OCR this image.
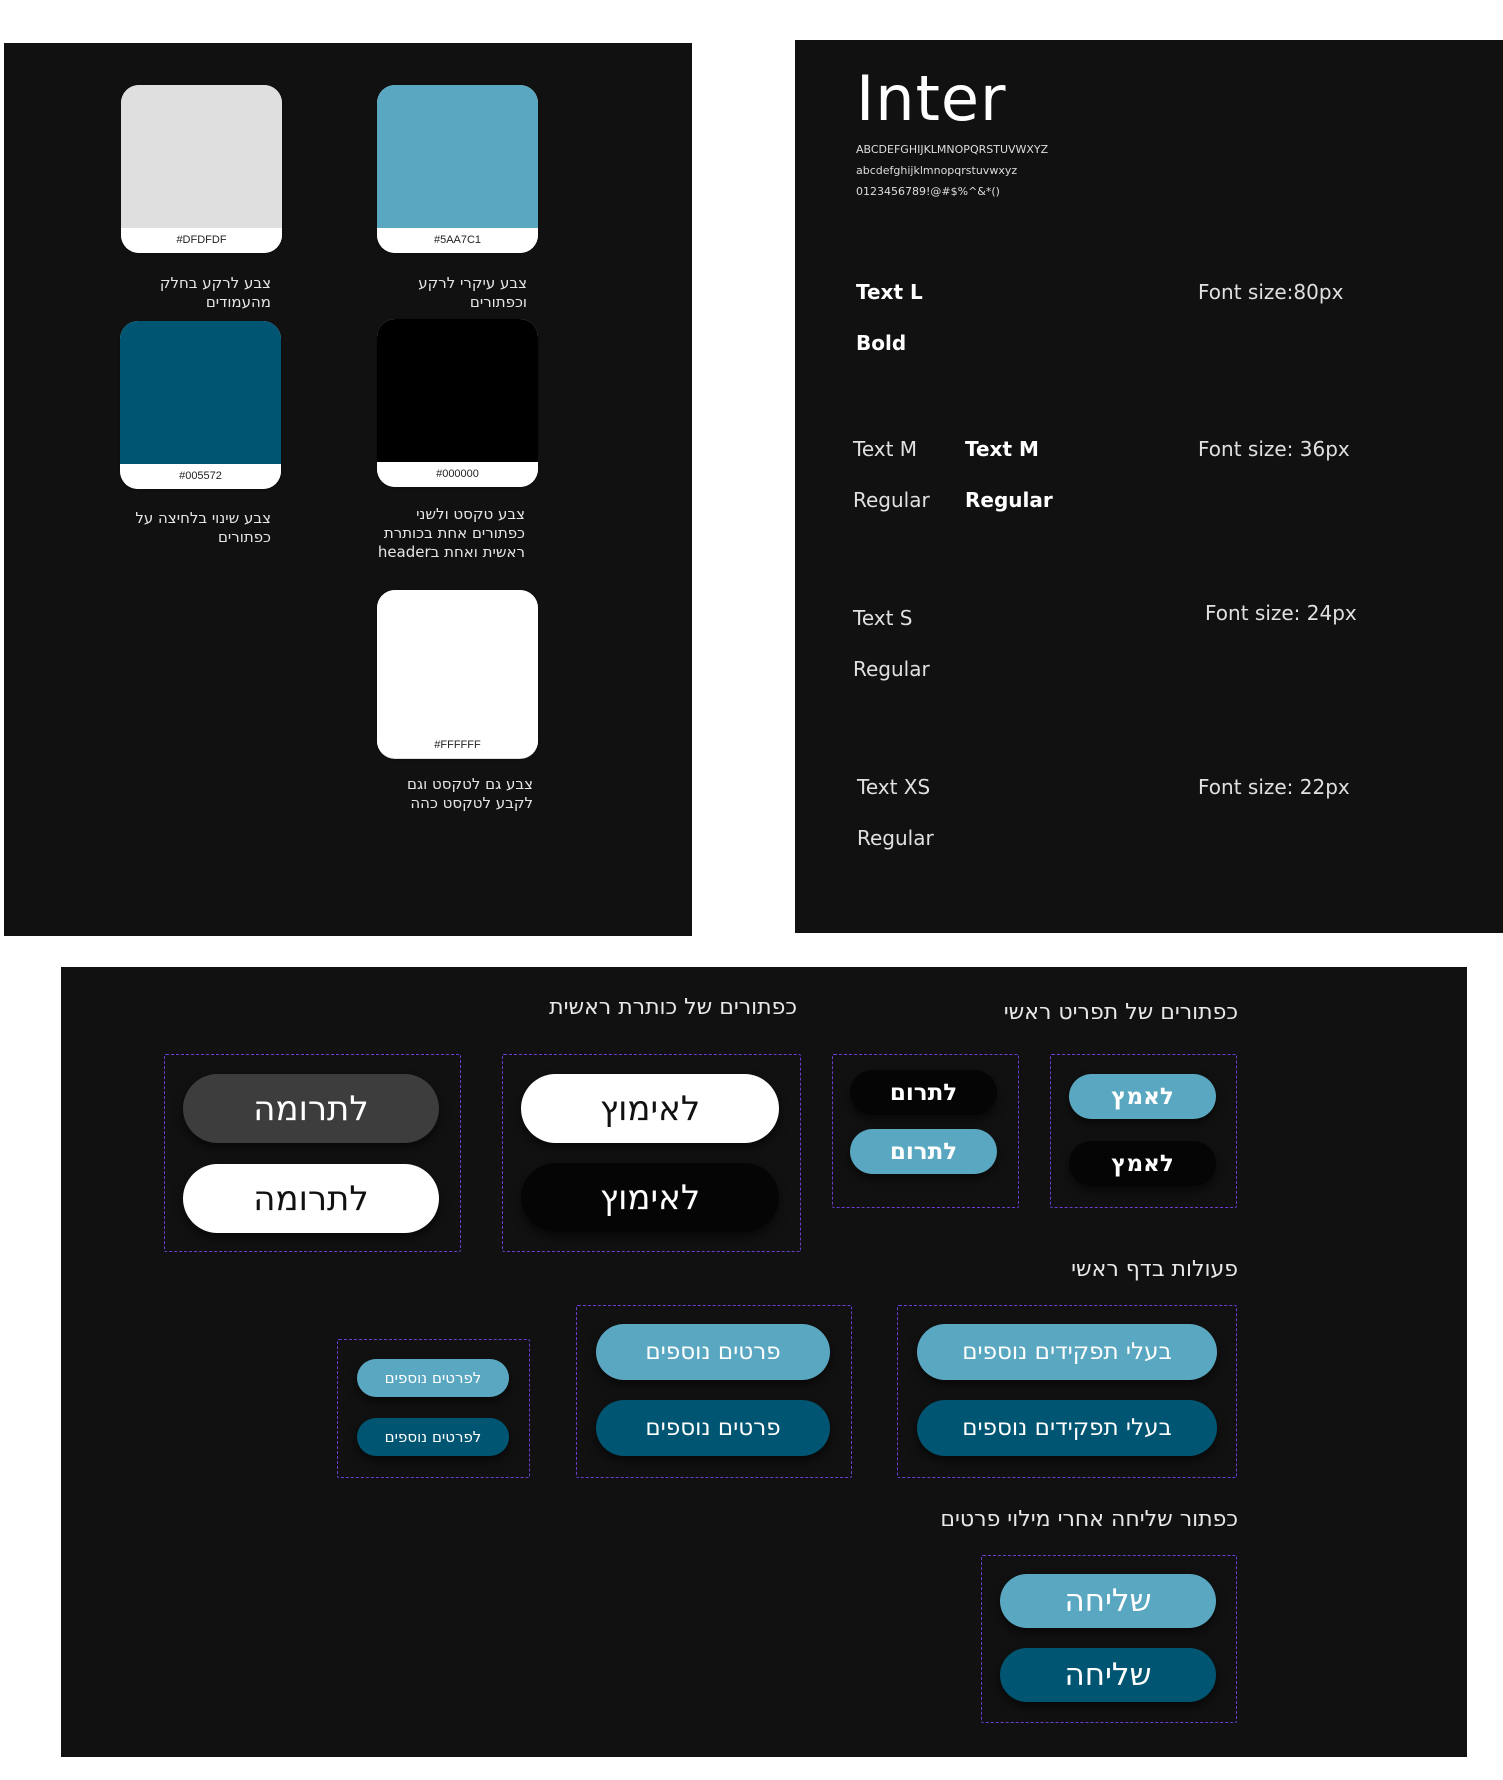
#DFDFDF
צבע לרקע בחלק מהעמודים
#5AA7C1
צבע עיקרי לרקע וכפתורים
#005572
צבע שינוי בלחיצה על כפתורים
#000000
צבע טקסט ולשני כפתורים אחת בכותרת ראשית ואחת בheader
#FFFFFF
צבע גם לטקסט וגם לקבע לטקסט כהה
Inter
ABCDEFGHIJKLMNOPQRSTUVWXYZ
abcdefghijklmnopqrstuvwxyz
0123456789!@#$%^&*()
Text L
Bold
Font size:80px
Text M
Regular
Text M
Regular
Font size: 36px
Text S
Regular
Font size: 24px
Text XS
Regular
Font size: 22px
כפתורים של תפריט ראשי
כפתורים של כותרת ראשית
לאמץ
לאמץ
לתרום
לתרום
לאימוץ
לאימוץ
לתרומה
לתרומה
פעולות בדף ראשי
בעלי תפקידים נוספים
בעלי תפקידים נוספים
פרטים נוספים
פרטים נוספים
לפרטים נוספים
לפרטים נוספים
כפתור שליחה אחרי מילוי פרטים
שליחה
שליחה
